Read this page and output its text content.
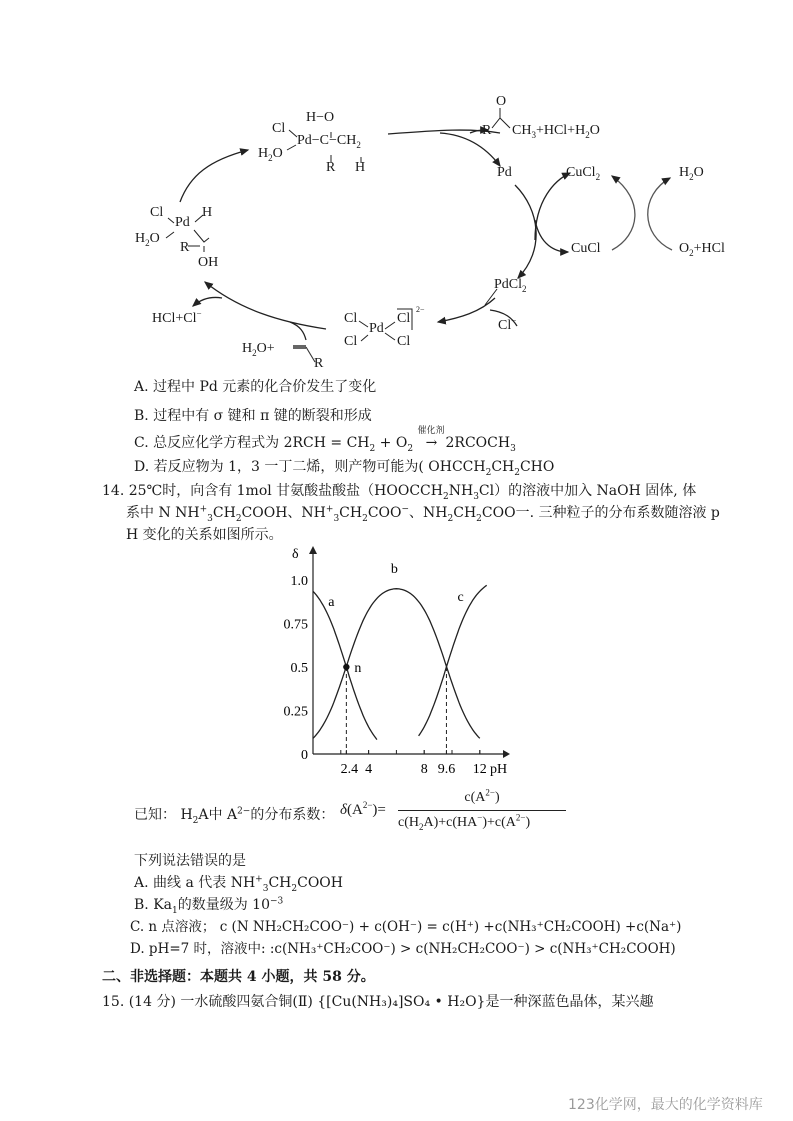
H−O
Cl
$Pd-C-CH_2$
$H_2O$
R H
O
R $CH_3+HCl+H_2O$
Pd	CuCl$_2$	$H_2O$
CuCl	$O_2+HCl$
PdCl$_2$
Cl−
Cl	Cl
Pd
Cl	Cl
2−
HCl+Cl−
$H_2O+$
R
Cl
Pd
H
$H_2O$
R
OH
A. 过程中 Pd 元素的化合价发生了变化
B. 过程中有 σ 键和 π 键的断裂和形成
C. 总反应化学方程式为 $2RCH = CH_2 + O_2$
催化剂
→ $2RCOCH_3$
D. 若反应物为 1，3 一丁二烯，则产物可能为( $OHCCH_2CH_2CHO$
14. 25℃时，向含有 1mol 甘氨酸盐酸盐$(HOOCCH_2NH_3Cl)$的溶液中加入 NaOH 固体, 体
系中 N $NH^+_3CH_2COOH$、$NH^+_3CH_2COO^-$、$NH_2CH_2COO$一. 三种粒子的分布系数随溶液 p
H 变化的关系如图所示。
δ
pH
0
0.25
0.5
0.75
1.0
2.4 4	8 9.6 12
a
b
c
n
已知： $H_2A$中 $A^{2-}$的分布系数： $\delta(A^{2-})=$
$c(A^{2-})$
$c(H_2A)+c(HA^-)+c(A^{2-})$
下列说法错误的是
A. 曲线 a 代表 $NH^+_3CH_2COOH$
B. $Ka_1$的数量级为 $10^{-3}$
C. n 点溶液； c (N NH₂CH₂COO⁻) + c(OH⁻) = c(H⁺) +c(NH₃⁺CH₂COOH) +c(Na⁺)
D. pH=7 时，溶液中: :c(NH₃⁺CH₂COO⁻) > c(NH₂CH₂COO⁻) > c(NH₃⁺CH₂COOH)
二、非选择题：本题共 4 小题，共 58 分。
15. (14 分) 一水硫酸四氨合铜(Ⅱ) {[Cu(NH₃)₄]SO₄ • H₂O}是一种深蓝色晶体，某兴趣
123化学网，最大的化学资料库
